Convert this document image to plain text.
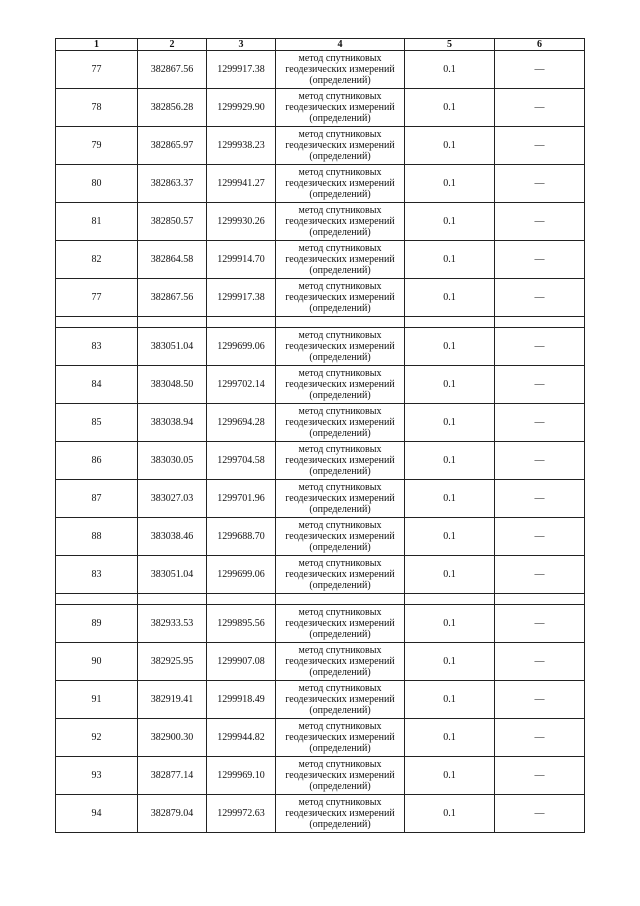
1	2	3	4	5	6
77	382867.56	1299917.38	метод спутниковых
геодезических измерений
(определений)	0.1	—
78	382856.28	1299929.90	метод спутниковых
геодезических измерений
(определений)	0.1	—
79	382865.97	1299938.23	метод спутниковых
геодезических измерений
(определений)	0.1	—
80	382863.37	1299941.27	метод спутниковых
геодезических измерений
(определений)	0.1	—
81	382850.57	1299930.26	метод спутниковых
геодезических измерений
(определений)	0.1	—
82	382864.58	1299914.70	метод спутниковых
геодезических измерений
(определений)	0.1	—
77	382867.56	1299917.38	метод спутниковых
геодезических измерений
(определений)	0.1	—

83	383051.04	1299699.06	метод спутниковых
геодезических измерений
(определений)	0.1	—
84	383048.50	1299702.14	метод спутниковых
геодезических измерений
(определений)	0.1	—
85	383038.94	1299694.28	метод спутниковых
геодезических измерений
(определений)	0.1	—
86	383030.05	1299704.58	метод спутниковых
геодезических измерений
(определений)	0.1	—
87	383027.03	1299701.96	метод спутниковых
геодезических измерений
(определений)	0.1	—
88	383038.46	1299688.70	метод спутниковых
геодезических измерений
(определений)	0.1	—
83	383051.04	1299699.06	метод спутниковых
геодезических измерений
(определений)	0.1	—

89	382933.53	1299895.56	метод спутниковых
геодезических измерений
(определений)	0.1	—
90	382925.95	1299907.08	метод спутниковых
геодезических измерений
(определений)	0.1	—
91	382919.41	1299918.49	метод спутниковых
геодезических измерений
(определений)	0.1	—
92	382900.30	1299944.82	метод спутниковых
геодезических измерений
(определений)	0.1	—
93	382877.14	1299969.10	метод спутниковых
геодезических измерений
(определений)	0.1	—
94	382879.04	1299972.63	метод спутниковых
геодезических измерений
(определений)	0.1	—
